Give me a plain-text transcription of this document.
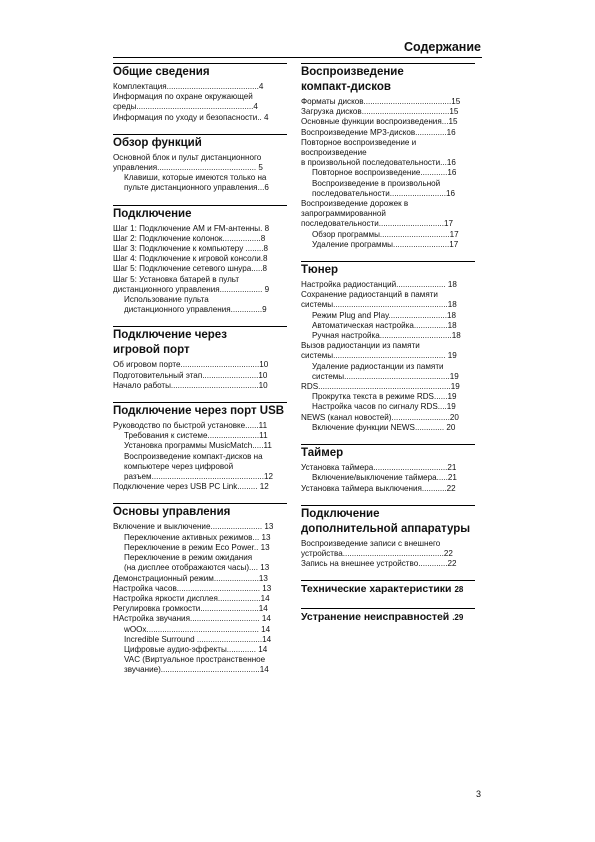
Содержание
Общие сведения
Комплектация.........................................4
Информация по охране окружающей
среды....................................................4
Информация по уходу и безопасности.. 4
Обзор функций
Основной блок и пульт дистанционного
управления............................................ 5
Клавиши, которые имеются только на
пульте дистанционного управления...6
Подключение
Шаг 1: Подключение AM и FM-антенны. 8
Шаг 2: Подключение колонок.................8
Шаг 3: Подключение к компьютеру ........8
Шаг 4: Подключение к игровой консоли.8
Шаг 5: Подключение сетевого шнура.....8
Шаг 5: Установка батарей в пульт
дистанционного управления................... 9
Использование пульта
дистанционного управления..............9
Подключение через
игровой порт
Об игровом порте...................................10
Подготовительный этап.........................10
Начало работы.......................................10
Подключение через порт USB
Руководство по быстрой установке......11
Требования к системе.......................11
Установка программы MusicMatch.....11
Воспроизведение компакт-дисков на
компьютере через цифровой
разъем..................................................12
Подключение через USB PC Link......... 12
Основы управления
Включение и выключение....................... 13
Переключение активных режимов... 13
Переключение в режим Eco Power.. 13
Переключение в режим ожидания
(на дисплее отображаются часы).... 13
Демонстрационный режим....................13
Настройка часов..................................... 13
Настройка яркости дисплея...................14
Регулировка громкости..........................14
НАстройка звучания............................... 14
wOOx.................................................. 14
Incredible Surround .............................14
Цифровые аудио-эффекты............. 14
VAC (Виртуальное пространственное
звучание)............................................14
Воспроизведение
компакт-дисков
Форматы дисков.......................................15
Загрузка дисков.......................................15
Основные функции воспроизведения...15
Воспроизведение MP3-дисков..............16
Повторное воспроизведение и
воспроизведение
в произвольной последовательности...16
Повторное воспроизведение............16
Воспроизведение в произвольной
последовательности.........................16
Воспроизведение дорожек в
запрограммированной
последовательности.............................17
Обзор программы...............................17
Удаление программы.........................17
Тюнер
Настройка радиостанций...................... 18
Сохранение радиостанций в памяти
системы...................................................18
Режим Plug and Play..........................18
Автоматическая настройка...............18
Ручная настройка................................18
Вызов радиостанции из памяти
системы.................................................. 19
Удаление радиостанции из памяти
системы...............................................19
RDS...........................................................19
Прокрутка текста в режиме RDS......19
Настройка часов по сигналу RDS....19
NEWS (канал новостей)..........................20
Включение функции NEWS............. 20
Таймер
Установка таймера.................................21
Включение/выключение таймера.....21
Установка таймера выключения...........22
Подключение
дополнительной аппаратуры
Воспроизведение записи с внешнего
устройства.............................................22
Запись на внешнее устройство.............22
Технические характеристики 28
Устранение неисправностей .29
3
